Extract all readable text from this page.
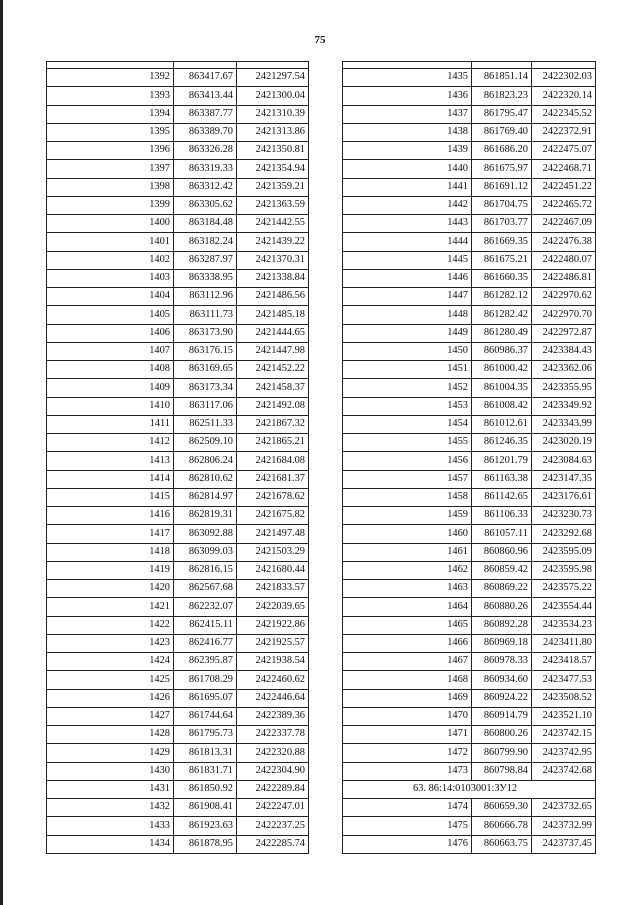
75

1392	863417.67	2421297.54
1393	863413.44	2421300.04
1394	863387.77	2421310.39
1395	863389.70	2421313.86
1396	863326.28	2421350.81
1397	863319.33	2421354.94
1398	863312.42	2421359.21
1399	863305.62	2421363.59
1400	863184.48	2421442.55
1401	863182.24	2421439.22
1402	863287.97	2421370.31
1403	863338.95	2421338.84
1404	863112.96	2421486.56
1405	863111.73	2421485.18
1406	863173.90	2421444.65
1407	863176.15	2421447.98
1408	863169.65	2421452.22
1409	863173.34	2421458.37
1410	863117.06	2421492.08
1411	862511.33	2421867.32
1412	862509.10	2421865.21
1413	862806.24	2421684.08
1414	862810.62	2421681.37
1415	862814.97	2421678.62
1416	862819.31	2421675.82
1417	863092.88	2421497.48
1418	863099.03	2421503.29
1419	862816.15	2421680.44
1420	862567.68	2421833.57
1421	862232.07	2422039.65
1422	862415.11	2421922.86
1423	862416.77	2421925.57
1424	862395.87	2421938.54
1425	861708.29	2422460.62
1426	861695.07	2422446.64
1427	861744.64	2422389.36
1428	861795.73	2422337.78
1429	861813.31	2422320.88
1430	861831.71	2422304.90
1431	861850.92	2422289.84
1432	861908.41	2422247.01
1433	861923.63	2422237.25
1434	861878.95	2422285.74

1435	861851.14	2422302.03
1436	861823.23	2422320.14
1437	861795.47	2422345.52
1438	861769.40	2422372.91
1439	861686.20	2422475.07
1440	861675.97	2422468.71
1441	861691.12	2422451.22
1442	861704.75	2422465.72
1443	861703.77	2422467.09
1444	861669.35	2422476.38
1445	861675.21	2422480.07
1446	861660.35	2422486.81
1447	861282.12	2422970.62
1448	861282.42	2422970.70
1449	861280.49	2422972.87
1450	860986.37	2423384.43
1451	861000.42	2423362.06
1452	861004.35	2423355.95
1453	861008.42	2423349.92
1454	861012.61	2423343.99
1455	861246.35	2423020.19
1456	861201.79	2423084.63
1457	861163.38	2423147.35
1458	861142.65	2423176.61
1459	861106.33	2423230.73
1460	861057.11	2423292.68
1461	860860.96	2423595.09
1462	860859.42	2423595.98
1463	860869.22	2423575.22
1464	860880.26	2423554.44
1465	860892.28	2423534.23
1466	860969.18	2423411.80
1467	860978.33	2423418.57
1468	860934.60	2423477.53
1469	860924.22	2423508.52
1470	860914.79	2423521.10
1471	860800.26	2423742.15
1472	860799.90	2423742.95
1473	860798.84	2423742.68
63. 86:14:0103001:ЗУ12		
1474	860659.30	2423732.65
1475	860666.78	2423732.99
1476	860663.75	2423737.45
